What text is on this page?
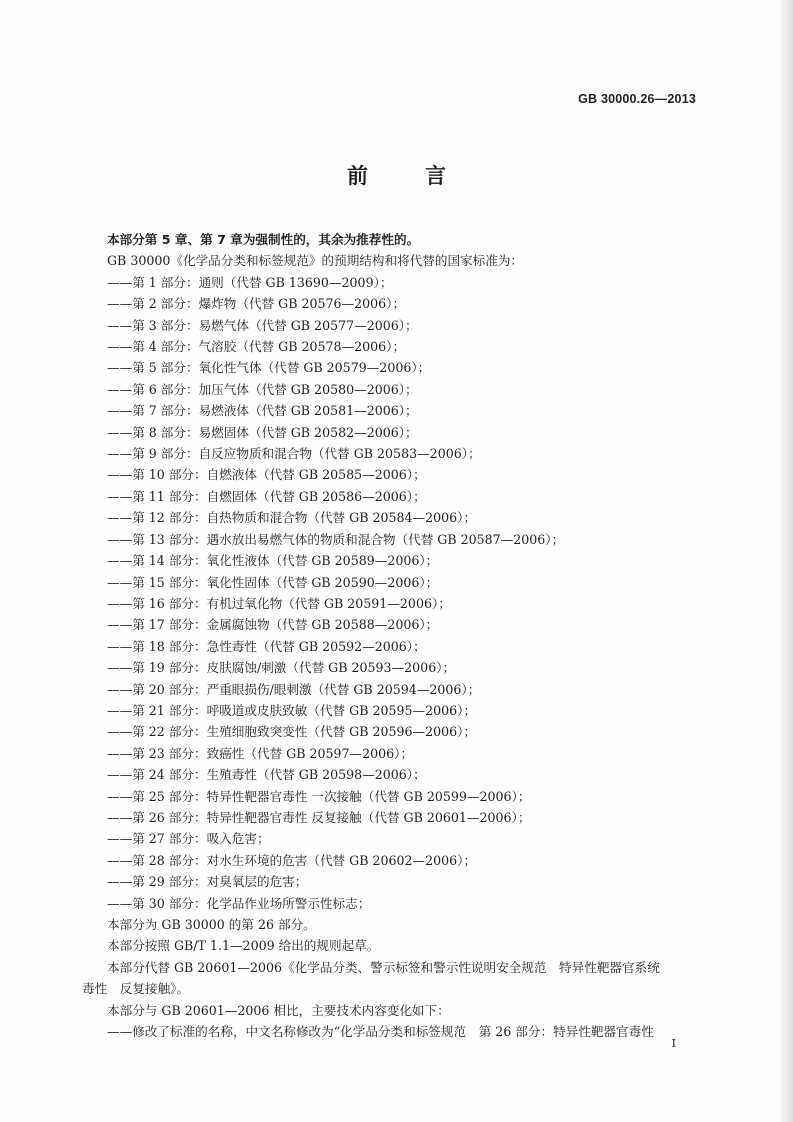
GB 30000.26—2013
前　言
本部分第 5 章、第 7 章为强制性的，其余为推荐性的。
GB 30000《化学品分类和标签规范》的预期结构和将代替的国家标准为：
——第 1 部分：通则（代替 GB 13690—2009）；
——第 2 部分：爆炸物（代替 GB 20576—2006）；
——第 3 部分：易燃气体（代替 GB 20577—2006）；
——第 4 部分：气溶胶（代替 GB 20578—2006）；
——第 5 部分：氧化性气体（代替 GB 20579—2006）；
——第 6 部分：加压气体（代替 GB 20580—2006）；
——第 7 部分：易燃液体（代替 GB 20581—2006）；
——第 8 部分：易燃固体（代替 GB 20582—2006）；
——第 9 部分：自反应物质和混合物（代替 GB 20583—2006）；
——第 10 部分：自燃液体（代替 GB 20585—2006）；
——第 11 部分：自燃固体（代替 GB 20586—2006）；
——第 12 部分：自热物质和混合物（代替 GB 20584—2006）；
——第 13 部分：遇水放出易燃气体的物质和混合物（代替 GB 20587—2006）；
——第 14 部分：氧化性液体（代替 GB 20589—2006）；
——第 15 部分：氧化性固体（代替 GB 20590—2006）；
——第 16 部分：有机过氧化物（代替 GB 20591—2006）；
——第 17 部分：金属腐蚀物（代替 GB 20588—2006）；
——第 18 部分：急性毒性（代替 GB 20592—2006）；
——第 19 部分：皮肤腐蚀/刺激（代替 GB 20593—2006）；
——第 20 部分：严重眼损伤/眼刺激（代替 GB 20594—2006）；
——第 21 部分：呼吸道或皮肤致敏（代替 GB 20595—2006）；
——第 22 部分：生殖细胞致突变性（代替 GB 20596—2006）；
——第 23 部分：致癌性（代替 GB 20597—2006）；
——第 24 部分：生殖毒性（代替 GB 20598—2006）；
——第 25 部分：特异性靶器官毒性 一次接触（代替 GB 20599—2006）；
——第 26 部分：特异性靶器官毒性 反复接触（代替 GB 20601—2006）；
——第 27 部分：吸入危害；
——第 28 部分：对水生环境的危害（代替 GB 20602—2006）；
——第 29 部分：对臭氧层的危害；
——第 30 部分：化学品作业场所警示性标志；
本部分为 GB 30000 的第 26 部分。
本部分按照 GB/T 1.1—2009 给出的规则起草。
本部分代替 GB 20601—2006《化学品分类、警示标签和警示性说明安全规范　特异性靶器官系统
毒性　反复接触》。
本部分与 GB 20601—2006 相比，主要技术内容变化如下：
——修改了标准的名称，中文名称修改为“化学品分类和标签规范　第 26 部分：特异性靶器官毒性
I
